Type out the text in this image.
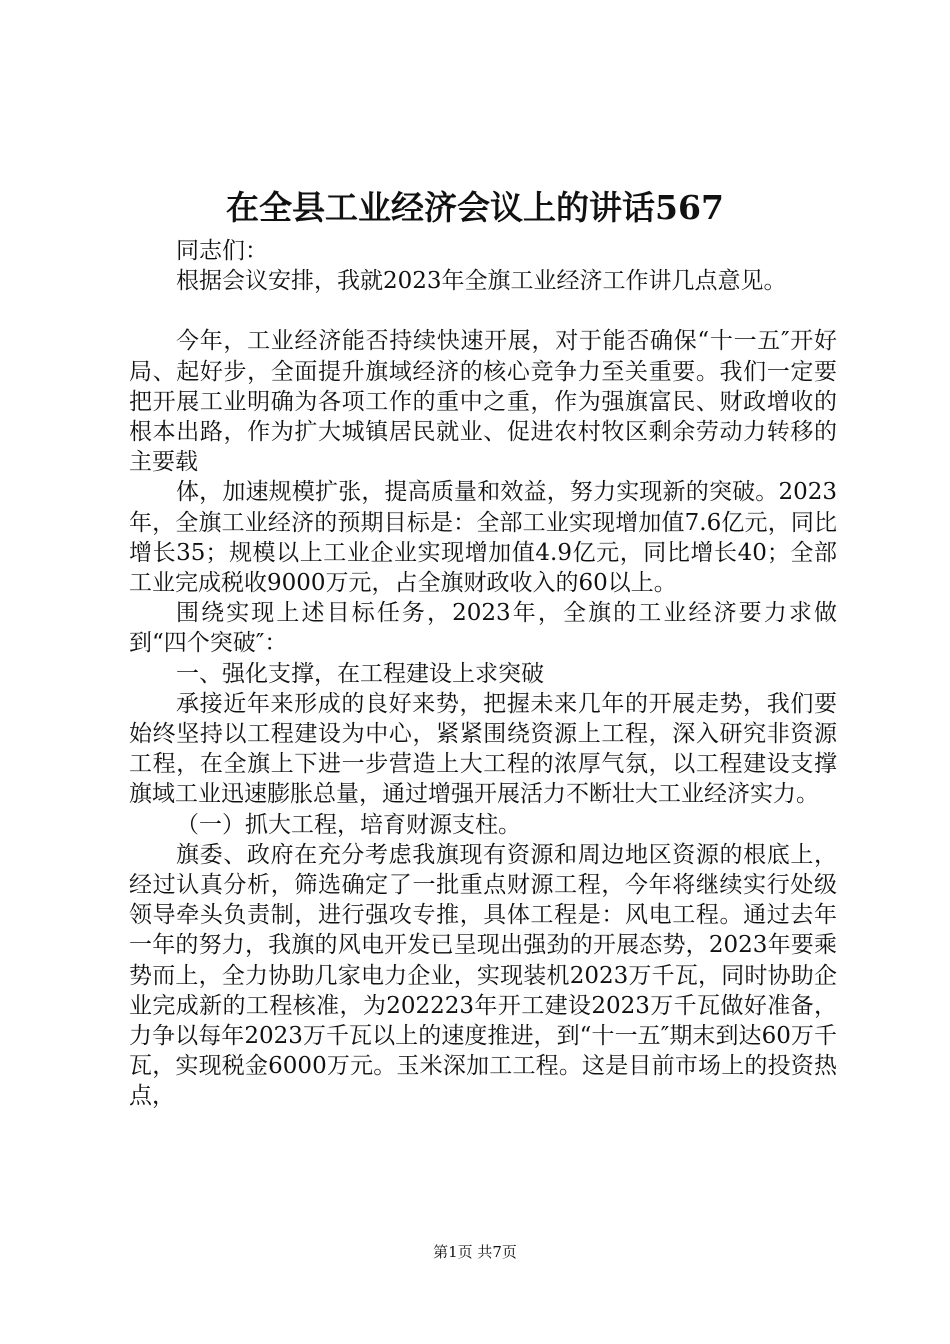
在全县工业经济会议上的讲话567

同志们：

根据会议安排，我就2023年全旗工业经济工作讲几点意见。

今年，工业经济能否持续快速开展，对于能否确保“十一五″开好局、起好步，全面提升旗域经济的核心竞争力至关重要。我们一定要把开展工业明确为各项工作的重中之重，作为强旗富民、财政增收的根本出路，作为扩大城镇居民就业、促进农村牧区剩余劳动力转移的主要载

体，加速规模扩张，提高质量和效益，努力实现新的突破。2023年，全旗工业经济的预期目标是：全部工业实现增加值7.6亿元，同比增长35；规模以上工业企业实现增加值4.9亿元，同比增长40；全部工业完成税收9000万元，占全旗财政收入的60以上。

围绕实现上述目标任务，2023年，全旗的工业经济要力求做到“四个突破″：

一、强化支撑，在工程建设上求突破

承接近年来形成的良好来势，把握未来几年的开展走势，我们要始终坚持以工程建设为中心，紧紧围绕资源上工程，深入研究非资源工程，在全旗上下进一步营造上大工程的浓厚气氛，以工程建设支撑旗域工业迅速膨胀总量，通过增强开展活力不断壮大工业经济实力。

（一）抓大工程，培育财源支柱。

旗委、政府在充分考虑我旗现有资源和周边地区资源的根底上，经过认真分析，筛选确定了一批重点财源工程，今年将继续实行处级领导牵头负责制，进行强攻专推，具体工程是：风电工程。通过去年一年的努力，我旗的风电开发已呈现出强劲的开展态势，2023年要乘势而上，全力协助几家电力企业，实现装机2023万千瓦，同时协助企业完成新的工程核准，为202223年开工建设2023万千瓦做好准备，力争以每年2023万千瓦以上的速度推进，到“十一五″期末到达60万千瓦，实现税金6000万元。玉米深加工工程。这是目前市场上的投资热点，

第1页 共7页
